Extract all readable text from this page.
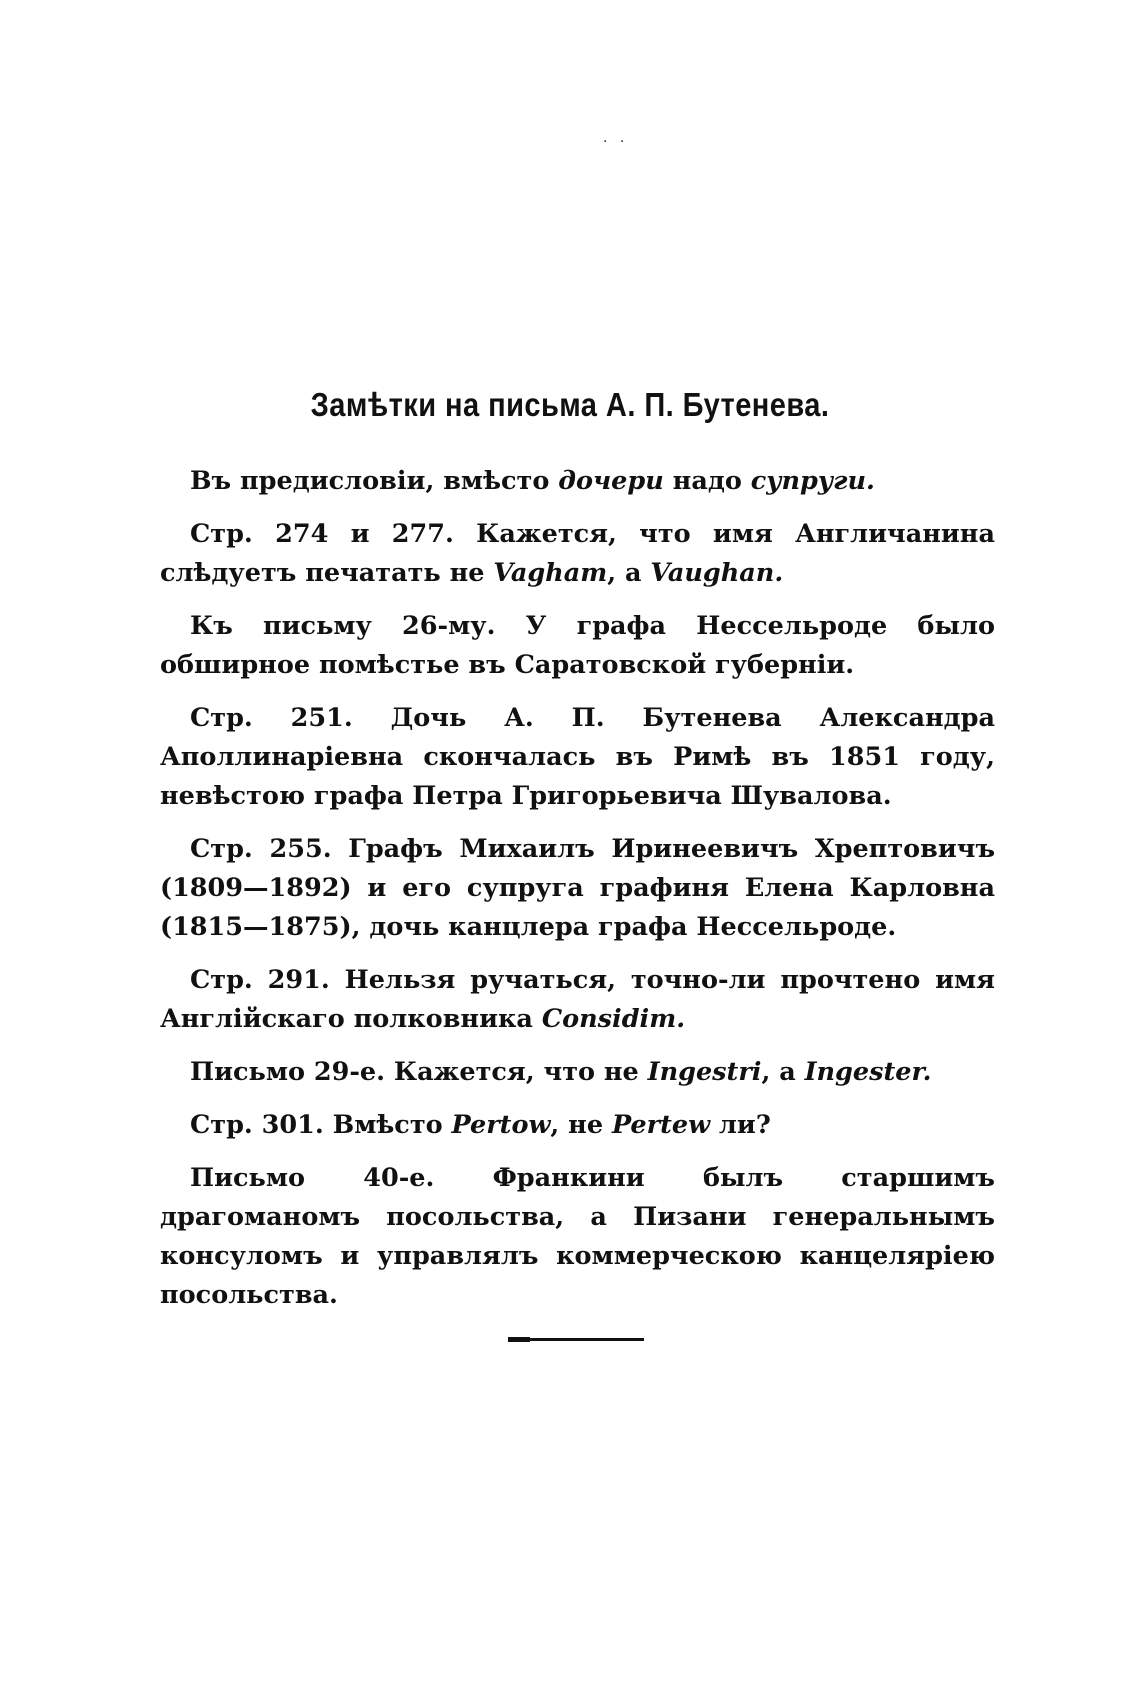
· ·
Замѣтки на письма А. П. Бутенева.

Въ предисловіи, вмѣсто дочери надо супруги.

Стр. 274 и 277. Кажется, что имя Англичанина слѣдуетъ печатать не Vagham, а Vaughan.

Къ письму 26-му. У графа Нессельроде было обширное помѣстье въ Саратовской губерніи.

Стр. 251. Дочь А. П. Бутенева Александра Аполлинаріевна скончалась въ Римѣ въ 1851 году, невѣстою графа Петра Григорьевича Шувалова.

Стр. 255. Графъ Михаилъ Иринеевичъ Хрептовичъ (1809—1892) и его супруга графиня Елена Карловна (1815—1875), дочь канцлера графа Нессельроде.

Стр. 291. Нельзя ручаться, точно-ли прочтено имя Англійскаго полковника Considim.

Письмо 29-е. Кажется, что не Ingestri, а Ingester.

Стр. 301. Вмѣсто Pertow, не Pertew ли?

Письмо 40-е. Франкини былъ старшимъ драгоманомъ посольства, а Пизани генеральнымъ консуломъ и управлялъ коммерческою канцеляріею посольства.
